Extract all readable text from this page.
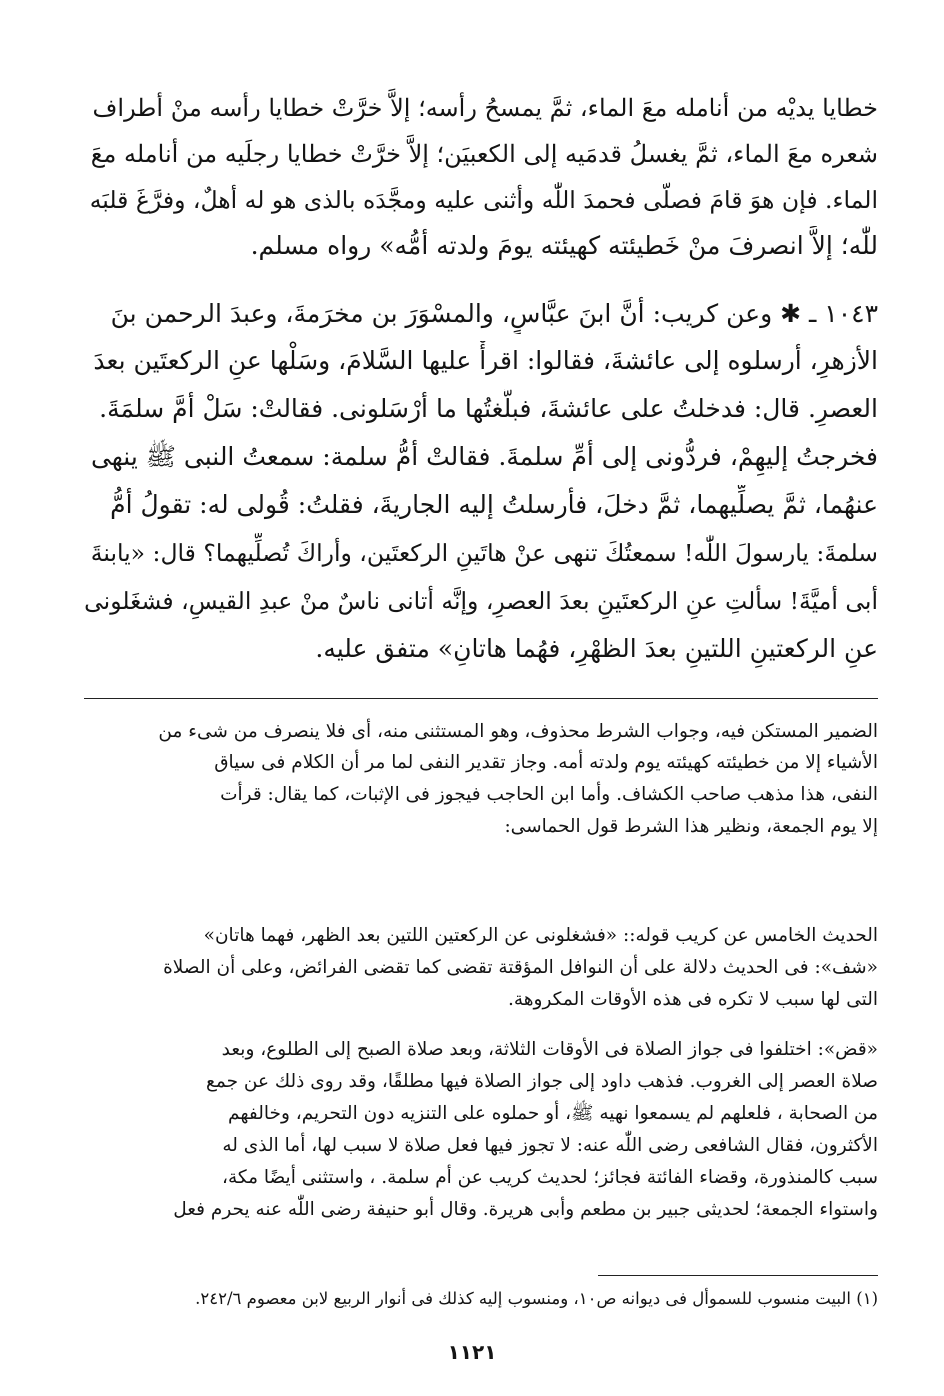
خطايا يديْه من أنامله معَ الماء، ثمَّ يمسحُ رأسه؛ إلاَّ خرَّتْ خطايا رأسه منْ أطراف
شعره معَ الماء، ثمَّ يغسلُ قدمَيه إلى الكعبيَن؛ إلاَّ خرَّتْ خطايا رجلَيه من أنامله معَ
الماء. فإن هوَ قامَ فصلّى فحمدَ اللّٰه وأثنى عليه ومجَّدَه بالذى هو له أهلٌ، وفرَّغَ قلبَه
للّٰه؛ إلاَّ انصرفَ منْ خَطيئته كهيئته يومَ ولدته أمُّه» رواه مسلم.
١٠٤٣ ـ ✱ وعن كريب: أنَّ ابنَ عبَّاسٍ، والمسْوَرَ بن مخرَمةَ، وعبدَ الرحمن بنَ
الأزهرِ، أرسلوه إلى عائشةَ، فقالوا: اقرأْ عليها السَّلامَ، وسَلْها عنِ الركعتَين بعدَ
العصرِ. قال: فدخلتُ على عائشةَ، فبلَّغتُها ما أرْسَلونى. فقالتْ: سَلْ أمَّ سلمَةَ.
فخرجتُ إليهِمْ، فردُّونى إلى أمِّ سلمةَ. فقالتْ أمُّ سلمة: سمعتُ النبى ﷺ ينهى
عنهُما، ثمَّ يصلِّيهما، ثمَّ دخلَ، فأرسلتُ إليه الجاريةَ، فقلتُ: قُولى له: تقولُ أمُّ
سلمةَ: يارسولَ اللّٰه! سمعتُكَ تنهى عنْ هاتَينِ الركعتَين، وأراكَ تُصلِّيهما؟ قال: «يابنةَ
أبى أميَّةَ! سألتِ عنِ الركعتَينِ بعدَ العصرِ، وإنَّه أتانى ناسٌ منْ عبدِ القيسِ، فشغَلونى
عنِ الركعتينِ اللتينِ بعدَ الظهْرِ، فهُما هاتانِ» متفق عليه.
الضمير المستكن فيه، وجواب الشرط محذوف، وهو المستثنى منه، أى فلا ينصرف من شىء من
الأشياء إلا من خطيئته كهيئته يوم ولدته أمه. وجاز تقدير النفى لما مر أن الكلام فى سياق
النفى، هذا مذهب صاحب الكشاف. وأما ابن الحاجب فيجوز فى الإثبات، كما يقال: قرأت
إلا يوم الجمعة، ونظير هذا الشرط قول الحماسى:
الحديث الخامس عن كريب قوله:: «فشغلونى عن الركعتين اللتين بعد الظهر، فهما هاتان»
«شف»: فى الحديث دلالة على أن النوافل المؤقتة تقضى كما تقضى الفرائض، وعلى أن الصلاة
التى لها سبب لا تكره فى هذه الأوقات المكروهة.
«قض»: اختلفوا فى جواز الصلاة فى الأوقات الثلاثة، وبعد صلاة الصبح إلى الطلوع، وبعد
صلاة العصر إلى الغروب. فذهب داود إلى جواز الصلاة فيها مطلقًا، وقد روى ذلك عن جمع
من الصحابة ، فلعلهم لم يسمعوا نهيه ﷺ، أو حملوه على التنزيه دون التحريم، وخالفهم
الأكثرون، فقال الشافعى رضى اللّٰه عنه: لا تجوز فيها فعل صلاة لا سبب لها، أما الذى له
سبب كالمنذورة، وقضاء الفائتة فجائز؛ لحديث كريب عن أم سلمة. ، واستثنى أيضًا مكة،
واستواء الجمعة؛ لحديثى جبير بن مطعم وأبى هريرة. وقال أبو حنيفة رضى اللّٰه عنه يحرم فعل
(١) البيت منسوب للسموأل فى ديوانه ص١٠، ومنسوب إليه كذلك فى أنوار الربيع لابن معصوم ٢٤٢/٦.
١١٢١
